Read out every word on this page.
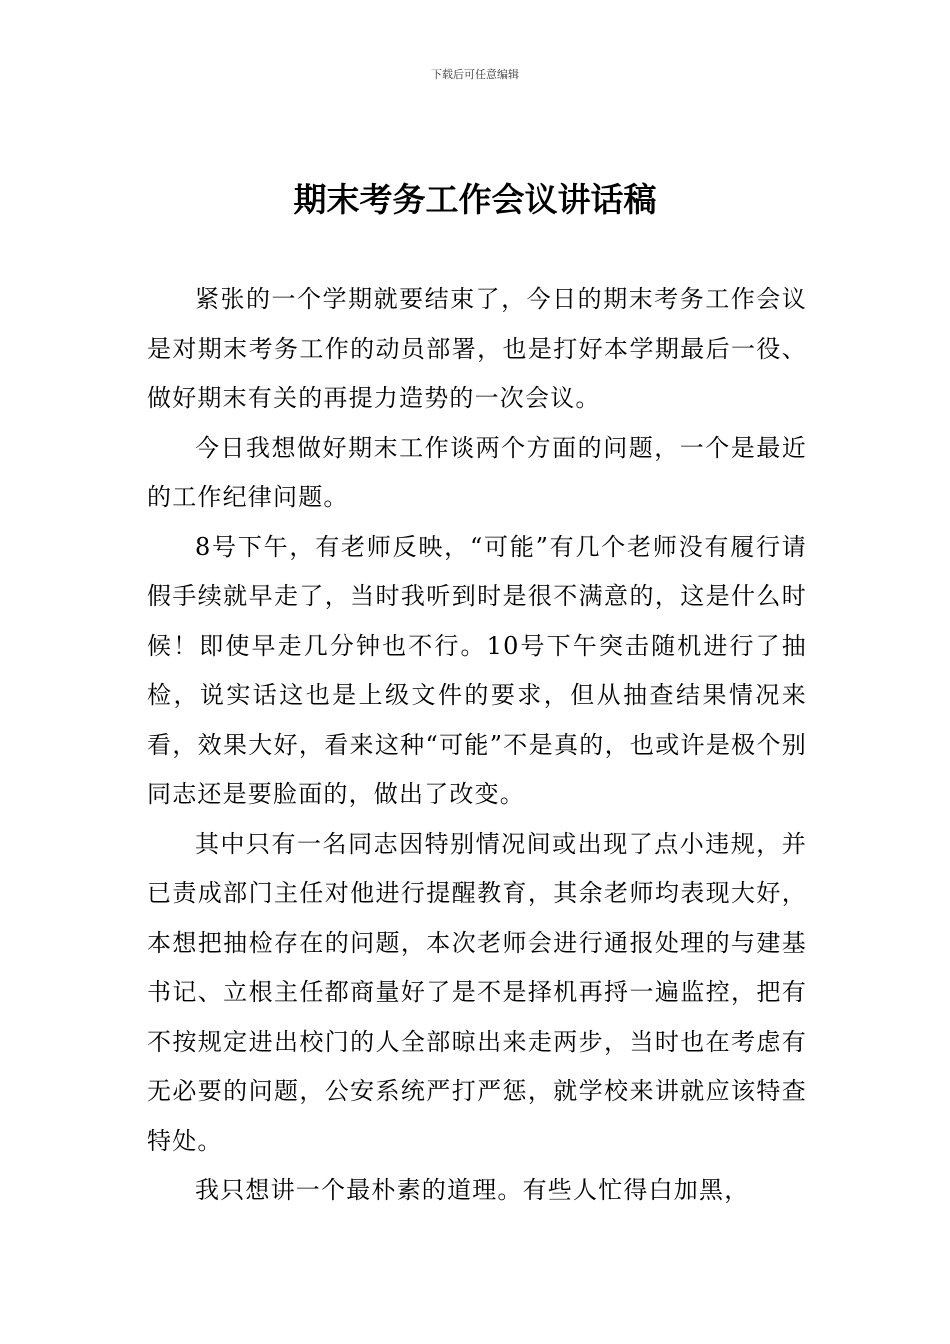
下载后可任意编辑
期末考务工作会议讲话稿

紧张的一个学期就要结束了，今日的期末考务工作会议是对期末考务工作的动员部署，也是打好本学期最后一役、做好期末有关的再提力造势的一次会议。

今日我想做好期末工作谈两个方面的问题，一个是最近的工作纪律问题。

8号下午，有老师反映，“可能”有几个老师没有履行请假手续就早走了，当时我听到时是很不满意的，这是什么时候！即使早走几分钟也不行。10号下午突击随机进行了抽检，说实话这也是上级文件的要求，但从抽查结果情况来看，效果大好，看来这种“可能”不是真的，也或许是极个别同志还是要脸面的，做出了改变。

其中只有一名同志因特别情况间或出现了点小违规，并已责成部门主任对他进行提醒教育，其余老师均表现大好，本想把抽检存在的问题，本次老师会进行通报处理的与建基书记、立根主任都商量好了是不是择机再捋一遍监控，把有不按规定进出校门的人全部晾出来走两步，当时也在考虑有无必要的问题，公安系统严打严惩，就学校来讲就应该特查特处。

我只想讲一个最朴素的道理。有些人忙得白加黑，
